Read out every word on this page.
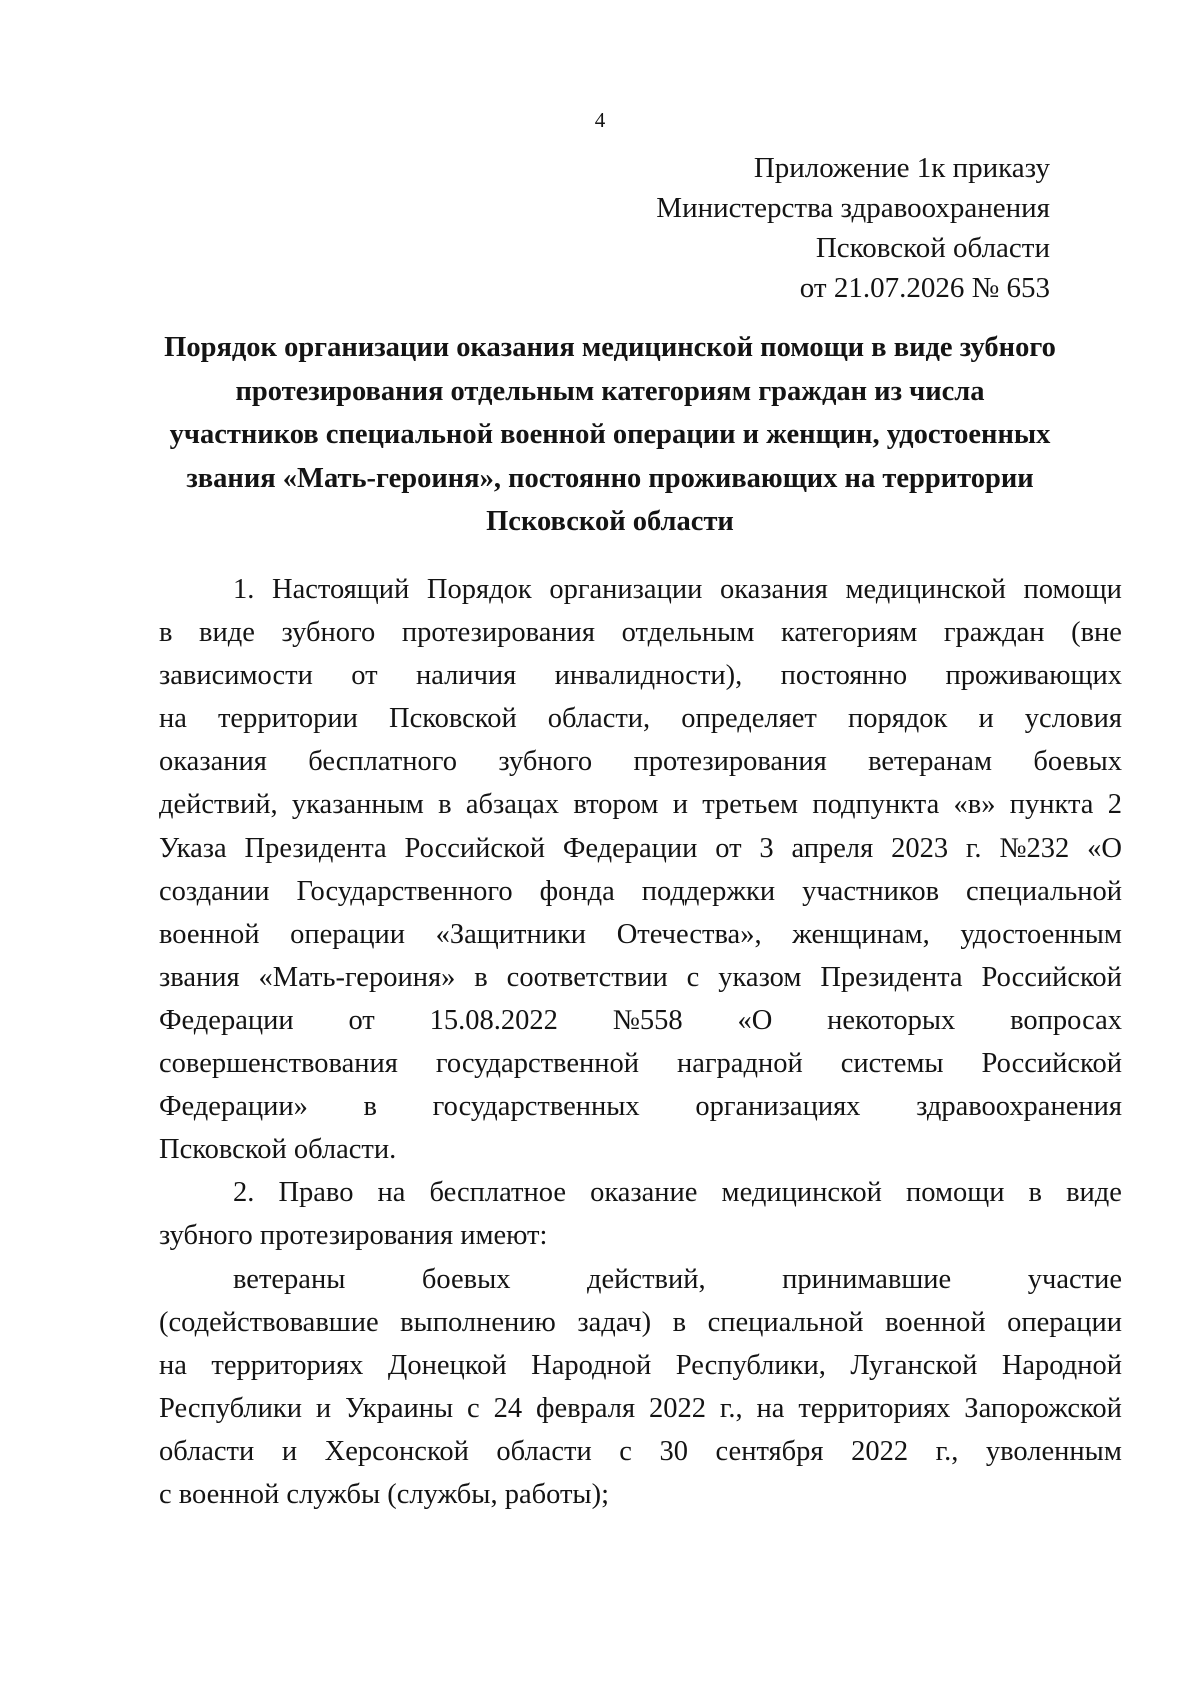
4
Приложение 1к приказу
Министерства здравоохранения
Псковской области
от 21.07.2026 № 653
Порядок организации оказания медицинской помощи в виде зубного
протезирования отдельным категориям граждан из числа
участников специальной военной операции и женщин, удостоенных
звания «Мать-героиня», постоянно проживающих на территории
Псковской области
1. Настоящий Порядок организации оказания медицинской помощи
в виде зубного протезирования отдельным категориям граждан (вне
зависимости от наличия инвалидности), постоянно проживающих
на территории Псковской области, определяет порядок и условия
оказания бесплатного зубного протезирования ветеранам боевых
действий, указанным в абзацах втором и третьем подпункта «в» пункта 2
Указа Президента Российской Федерации от 3 апреля 2023 г. №232 «О
создании Государственного фонда поддержки участников специальной
военной операции «Защитники Отечества», женщинам, удостоенным
звания «Мать-героиня» в соответствии с указом Президента Российской
Федерации от 15.08.2022 №558 «О некоторых вопросах
совершенствования государственной наградной системы Российской
Федерации» в государственных организациях здравоохранения
Псковской области.
2. Право на бесплатное оказание медицинской помощи в виде
зубного протезирования имеют:
ветераны	боевых	действий,	принимавшие	участие
(содействовавшие выполнению задач) в специальной военной операции
на территориях Донецкой Народной Республики, Луганской Народной
Республики и Украины с 24 февраля 2022 г., на территориях Запорожской
области и Херсонской области с 30 сентября 2022 г., уволенным
с военной службы (службы, работы);
